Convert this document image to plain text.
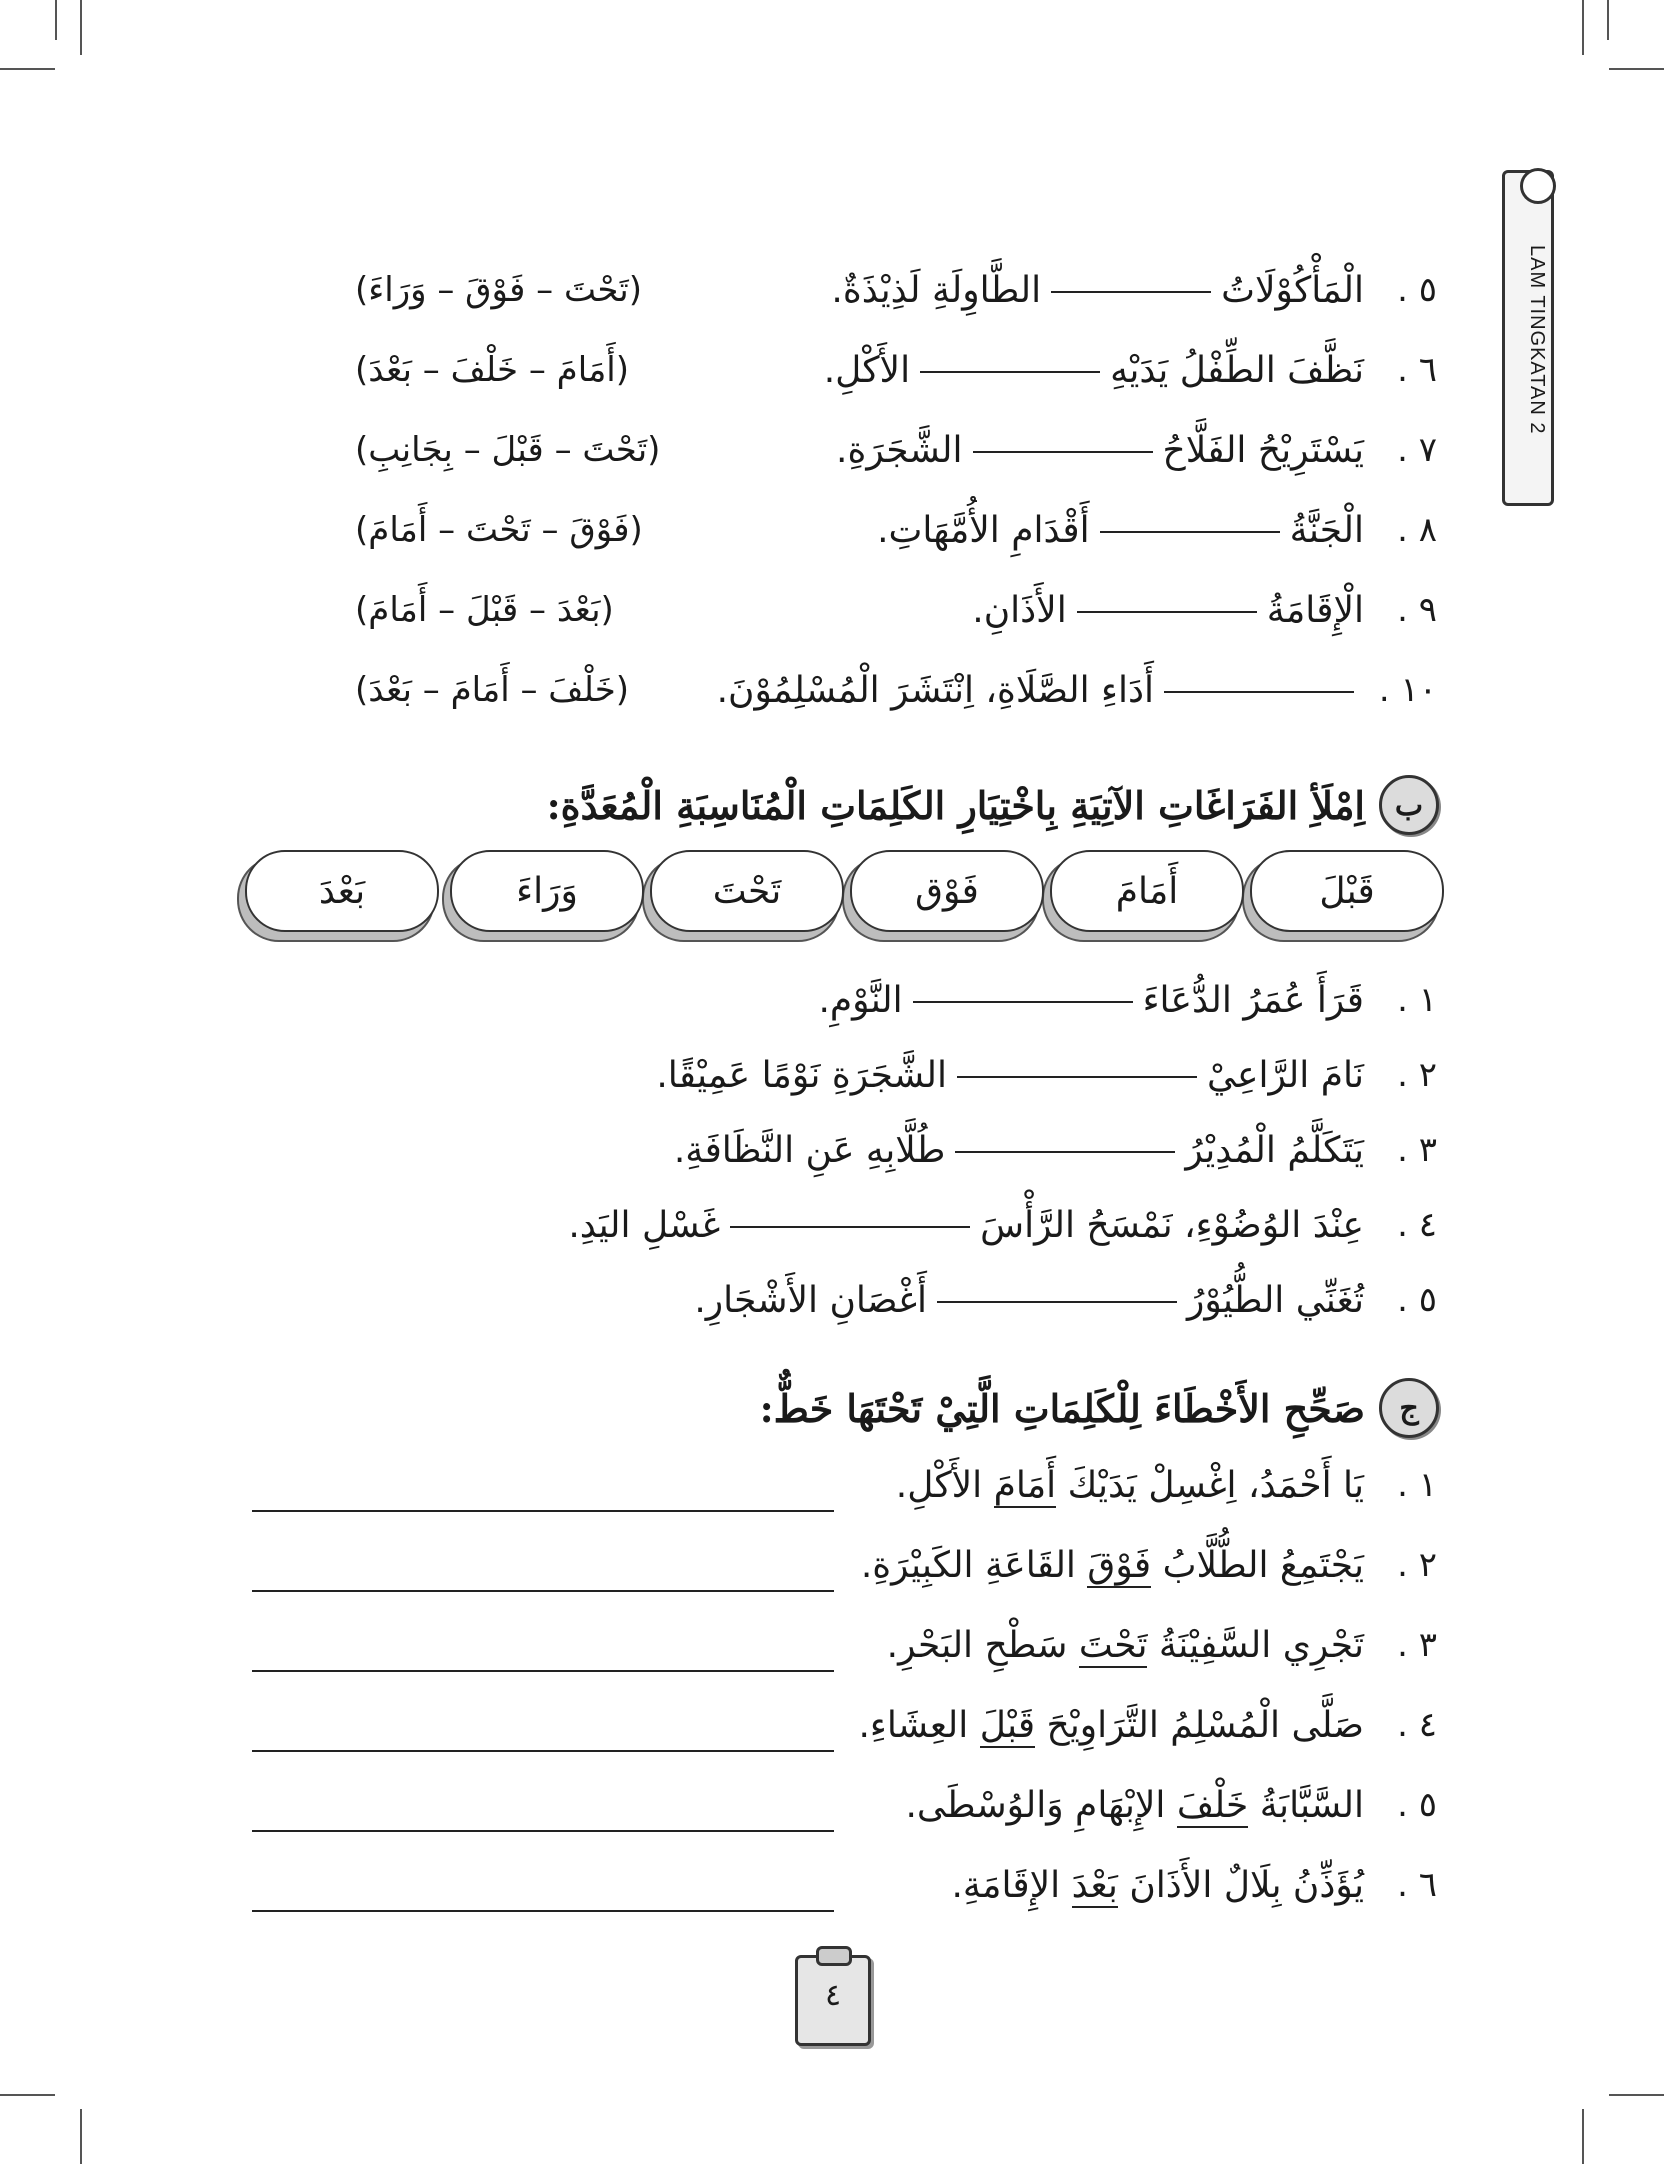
LAM TINGKATAN 2
٥ .
الْمَأْكُوْلَاتُالطَّاوِلَةِ لَذِيْذَةٌ.
(تَحْتَ – فَوْقَ – وَرَاءَ)
٦ .
نَظَّفَ الطِّفْلُ يَدَيْهِالأَكْلِ.
(أَمَامَ – خَلْفَ – بَعْدَ)
٧ .
يَسْتَرِيْحُ الفَلَّاحُالشَّجَرَةِ.
(تَحْتَ – قَبْلَ – بِجَانِبِ)
٨ .
الْجَنَّةُأَقْدَامِ الأُمَّهَاتِ.
(فَوْقَ – تَحْتَ – أَمَامَ)
٩ .
الْإِقَامَةُالأَذَانِ.
(بَعْدَ – قَبْلَ – أَمَامَ)
١٠ .
أَدَاءِ الصَّلَاةِ، اِنْتَشَرَ الْمُسْلِمُوْنَ.
(خَلْفَ – أَمَامَ – بَعْدَ)
ب
اِمْلَأِ الفَرَاغَاتِ الآتِيَةِ بِاخْتِيَارِ الكَلِمَاتِ الْمُنَاسِبَةِ الْمُعَدَّةِ:
قَبْلَ
أَمَامَ
فَوْق
تَحْتَ
وَرَاءَ
بَعْدَ
١ .
قَرَأَ عُمَرُ الدُّعَاءَالنَّوْمِ.
٢ .
نَامَ الرَّاعِيْالشَّجَرَةِ نَوْمًا عَمِيْقًا.
٣ .
يَتَكَلَّمُ الْمُدِيْرُطُلَّابِهِ عَنِ النَّظَافَةِ.
٤ .
عِنْدَ الوُضُوْءِ، نَمْسَحُ الرَّأْسَغَسْلِ اليَدِ.
٥ .
تُغَنِّي الطُّيُوْرُأَغْصَانِ الأَشْجَارِ.
ج
صَحِّحِ الأَخْطَاءَ لِلْكَلِمَاتِ الَّتِيْ تَحْتَهَا خَطٌّ:
١ .
يَا أَحْمَدُ، اِغْسِلْ يَدَيْكَ أَمَامَ الأَكْلِ.
٢ .
يَجْتَمِعُ الطُّلَّابُ فَوْقَ القَاعَةِ الكَبِيْرَةِ.
٣ .
تَجْرِي السَّفِيْنَةُ تَحْتَ سَطْحِ البَحْرِ.
٤ .
صَلَّى الْمُسْلِمُ التَّرَاوِيْحَ قَبْلَ العِشَاءِ.
٥ .
السَّبَّابَةُ خَلْفَ الإِبْهَامِ وَالوُسْطَى.
٦ .
يُؤَذِّنُ بِلَالٌ الأَذَانَ بَعْدَ الإِقَامَةِ.
٤
